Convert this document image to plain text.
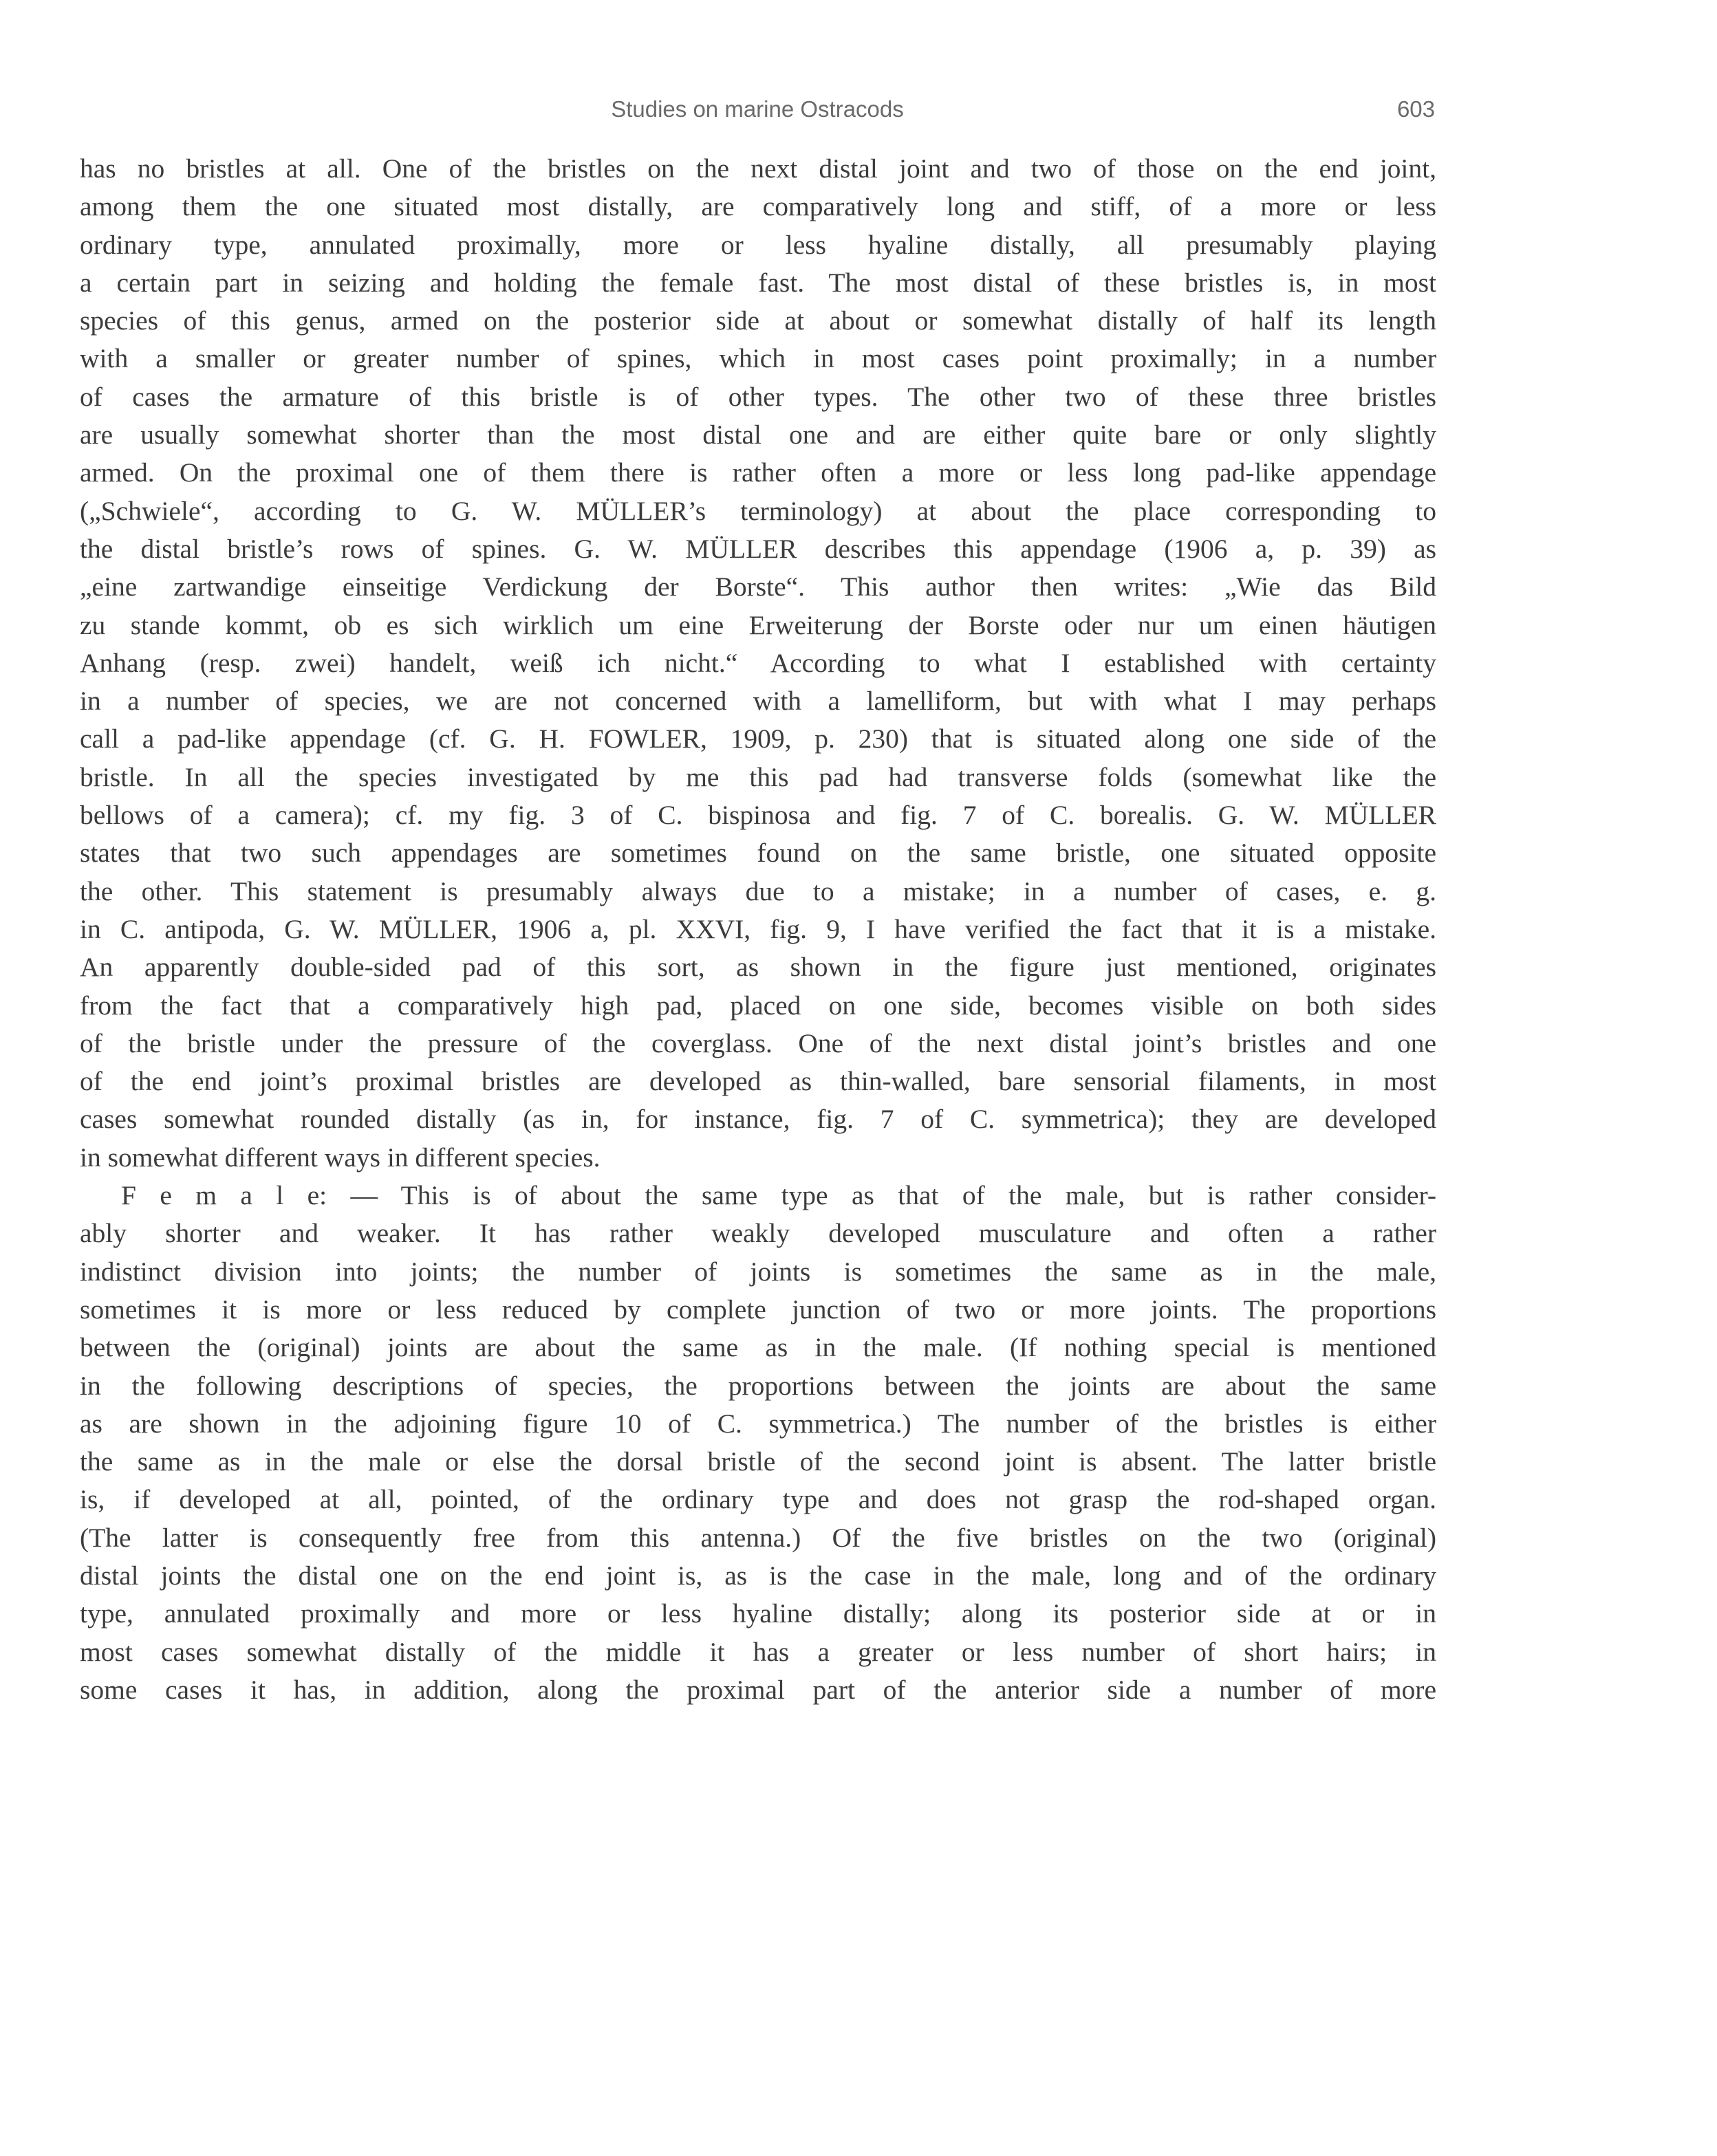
Studies on marine Ostracods	603
has no bristles at all. One of the bristles on the next distal joint and two of those on the end joint,
among them the one situated most distally, are comparatively long and stiff, of a more or less
ordinary type, annulated proximally, more or less hyaline distally, all presumably playing
a certain part in seizing and holding the female fast. The most distal of these bristles is, in most
species of this genus, armed on the posterior side at about or somewhat distally of half its length
with a smaller or greater number of spines, which in most cases point proximally; in a number
of cases the armature of this bristle is of other types. The other two of these three bristles
are usually somewhat shorter than the most distal one and are either quite bare or only slightly
armed. On the proximal one of them there is rather often a more or less long pad-like appendage
(„Schwiele“, according to G. W. MÜLLER’s terminology) at about the place corresponding to
the distal bristle’s rows of spines. G. W. MÜLLER describes this appendage (1906 a, p. 39) as
„eine zartwandige einseitige Verdickung der Borste“. This author then writes: „Wie das Bild
zu stande kommt, ob es sich wirklich um eine Erweiterung der Borste oder nur um einen häutigen
Anhang (resp. zwei) handelt, weiß ich nicht.“ According to what I established with certainty
in a number of species, we are not concerned with a lamelliform, but with what I may perhaps
call a pad-like appendage (cf. G. H. FOWLER, 1909, p. 230) that is situated along one side of the
bristle. In all the species investigated by me this pad had transverse folds (somewhat like the
bellows of a camera); cf. my fig. 3 of C. bispinosa and fig. 7 of C. borealis. G. W. MÜLLER
states that two such appendages are sometimes found on the same bristle, one situated opposite
the other. This statement is presumably always due to a mistake; in a number of cases, e. g.
in C. antipoda, G. W. MÜLLER, 1906 a, pl. XXVI, fig. 9, I have verified the fact that it is a mistake.
An apparently double-sided pad of this sort, as shown in the figure just mentioned, originates
from the fact that a comparatively high pad, placed on one side, becomes visible on both sides
of the bristle under the pressure of the coverglass. One of the next distal joint’s bristles and one
of the end joint’s proximal bristles are developed as thin-walled, bare sensorial filaments, in most
cases somewhat rounded distally (as in, for instance, fig. 7 of C. symmetrica); they are developed
in somewhat different ways in different species.
F e m a l e: — This is of about the same type as that of the male, but is rather consider-
ably shorter and weaker. It has rather weakly developed musculature and often a rather
indistinct division into joints; the number of joints is sometimes the same as in the male,
sometimes it is more or less reduced by complete junction of two or more joints. The proportions
between the (original) joints are about the same as in the male. (If nothing special is mentioned
in the following descriptions of species, the proportions between the joints are about the same
as are shown in the adjoining figure 10 of C. symmetrica.) The number of the bristles is either
the same as in the male or else the dorsal bristle of the second joint is absent. The latter bristle
is, if developed at all, pointed, of the ordinary type and does not grasp the rod-shaped organ.
(The latter is consequently free from this antenna.) Of the five bristles on the two (original)
distal joints the distal one on the end joint is, as is the case in the male, long and of the ordinary
type, annulated proximally and more or less hyaline distally; along its posterior side at or in
most cases somewhat distally of the middle it has a greater or less number of short hairs; in
some cases it has, in addition, along the proximal part of the anterior side a number of more
